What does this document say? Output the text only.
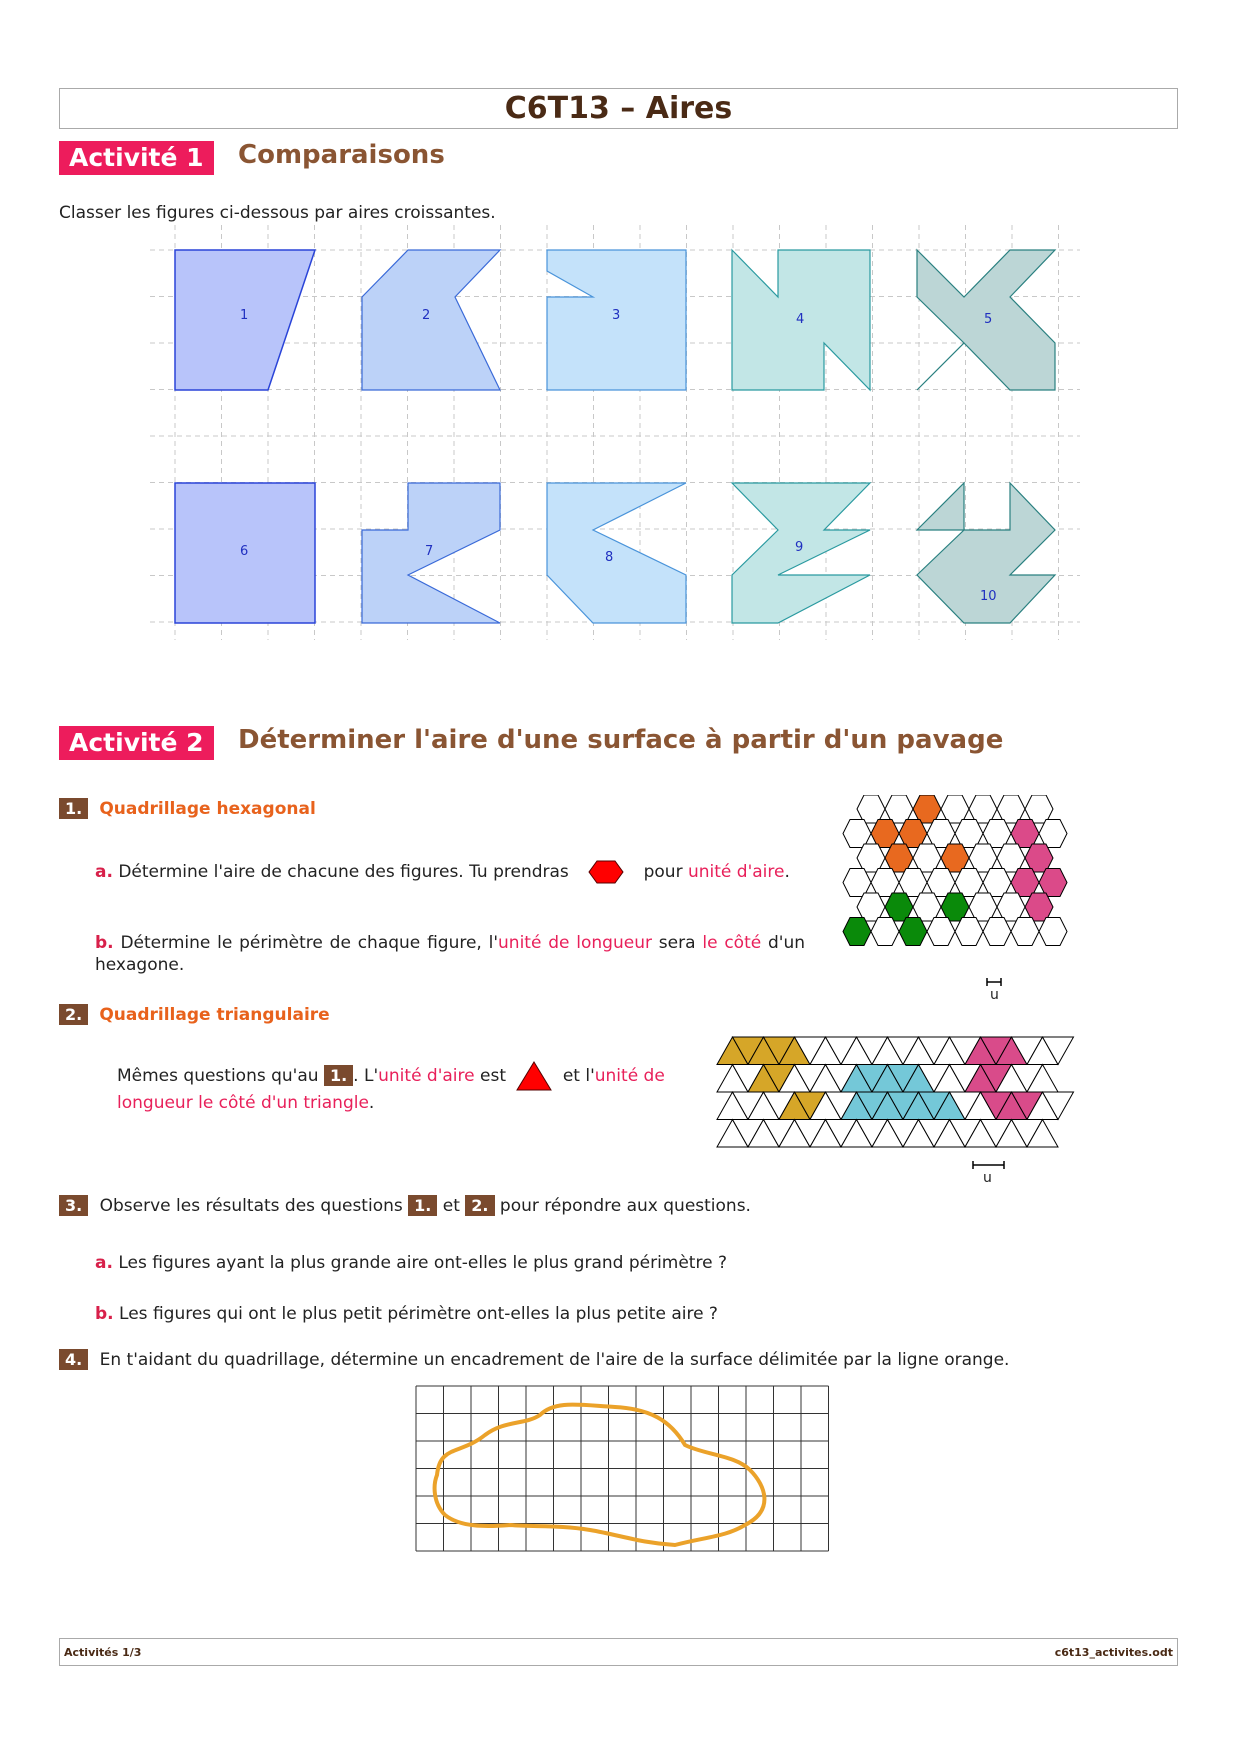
C6T13 – Aires
Activité 1	Comparaisons
Classer les figures ci-dessous par aires croissantes.
1	2	3	4	5
6	7	8
9
10
Activité 2	Déterminer l'aire d'une surface à partir d'un pavage
1. Quadrillage hexagonal
a. Détermine l'aire de chacune des figures. Tu prendras	pour unité d'aire.
b. Détermine le périmètre de chaque figure, l'unité de longueur sera le côté d'un hexagone.
u
2. Quadrillage triangulaire
Mêmes questions qu'au 1. . L'unité d'aire est	et l'unité de longueur le côté d'un triangle.
u
3. Observe les résultats des questions 1. et 2. pour répondre aux questions.
a. Les figures ayant la plus grande aire ont-elles le plus grand périmètre ?
b. Les figures qui ont le plus petit périmètre ont-elles la plus petite aire ?
4. En t'aidant du quadrillage, détermine un encadrement de l'aire de la surface délimitée par la ligne orange.
Activités 1/3	c6t13_activites.odt
